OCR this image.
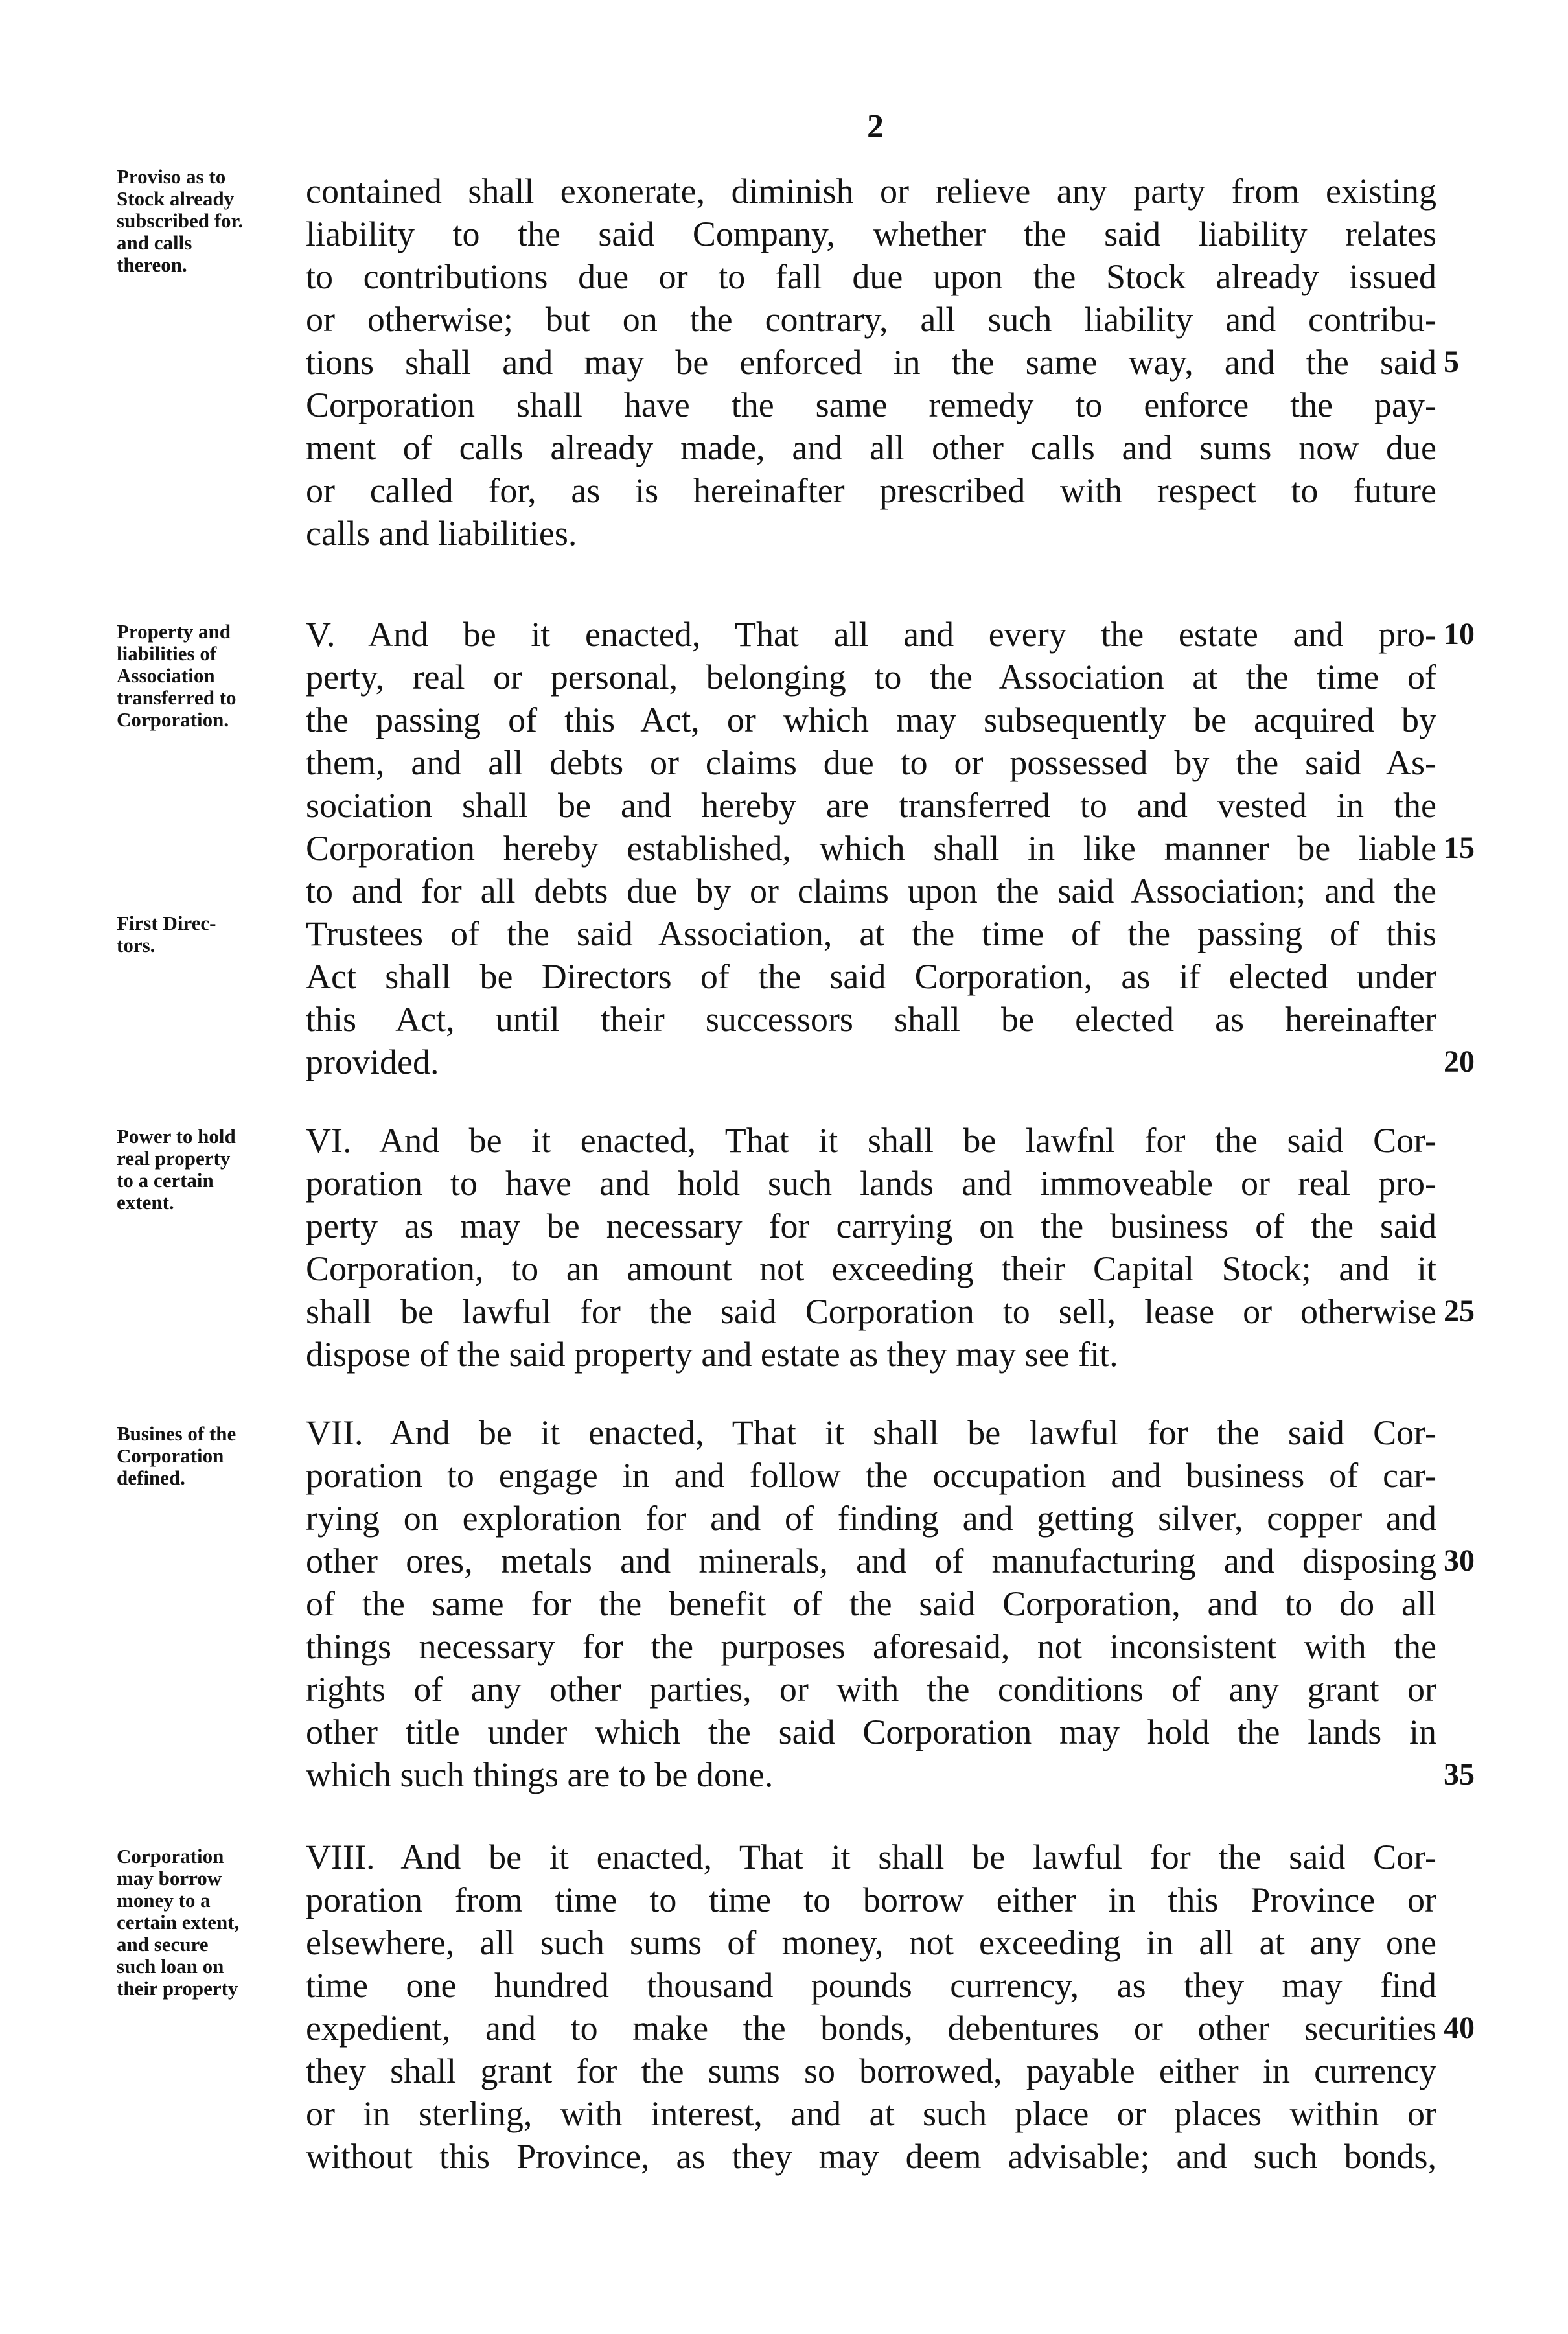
2
Proviso as to
Stock already
subscribed for.
and calls
thereon.
Property and
liabilities of
Association
transferred to
Corporation.
First Direc-
tors.
Power to hold
real property
to a certain
extent.
Busines of the
Corporation
defined.
Corporation
may borrow
money to a
certain extent,
and secure
such loan on
their property
contained shall exonerate, diminish or relieve any party from existing
liability to the said Company, whether the said liability relates
to contributions due or to fall due upon the Stock already issued
or otherwise; but on the contrary, all such liability and contribu-
tions shall and may be enforced in the same way, and the said
Corporation shall have the same remedy to enforce the pay-
ment of calls already made, and all other calls and sums now due
or called for, as is hereinafter prescribed with respect to future
calls and liabilities.
V. And be it enacted, That all and every the estate and pro-
perty, real or personal, belonging to the Association at the time of
the passing of this Act, or which may subsequently be acquired by
them, and all debts or claims due to or possessed by the said As-
sociation shall be and hereby are transferred to and vested in the
Corporation hereby established, which shall in like manner be liable
to and for all debts due by or claims upon the said Association; and the
Trustees of the said Association, at the time of the passing of this
Act shall be Directors of the said Corporation, as if elected under
this Act, until their successors shall be elected as hereinafter
provided.
VI. And be it enacted, That it shall be lawfnl for the said Cor-
poration to have and hold such lands and immoveable or real pro-
perty as may be necessary for carrying on the business of the said
Corporation, to an amount not exceeding their Capital Stock; and it
shall be lawful for the said Corporation to sell, lease or otherwise
dispose of the said property and estate as they may see fit.
VII. And be it enacted, That it shall be lawful for the said Cor-
poration to engage in and follow the occupation and business of car-
rying on exploration for and of finding and getting silver, copper and
other ores, metals and minerals, and of manufacturing and disposing
of the same for the benefit of the said Corporation, and to do all
things necessary for the purposes aforesaid, not inconsistent with the
rights of any other parties, or with the conditions of any grant or
other title under which the said Corporation may hold the lands in
which such things are to be done.
VIII. And be it enacted, That it shall be lawful for the said Cor-
poration from time to time to borrow either in this Province or
elsewhere, all such sums of money, not exceeding in all at any one
time one hundred thousand pounds currency, as they may find
expedient, and to make the bonds, debentures or other securities
they shall grant for the sums so borrowed, payable either in currency
or in sterling, with interest, and at such place or places within or
without this Province, as they may deem advisable; and such bonds,
5
10
15
20
25
30
35
40
